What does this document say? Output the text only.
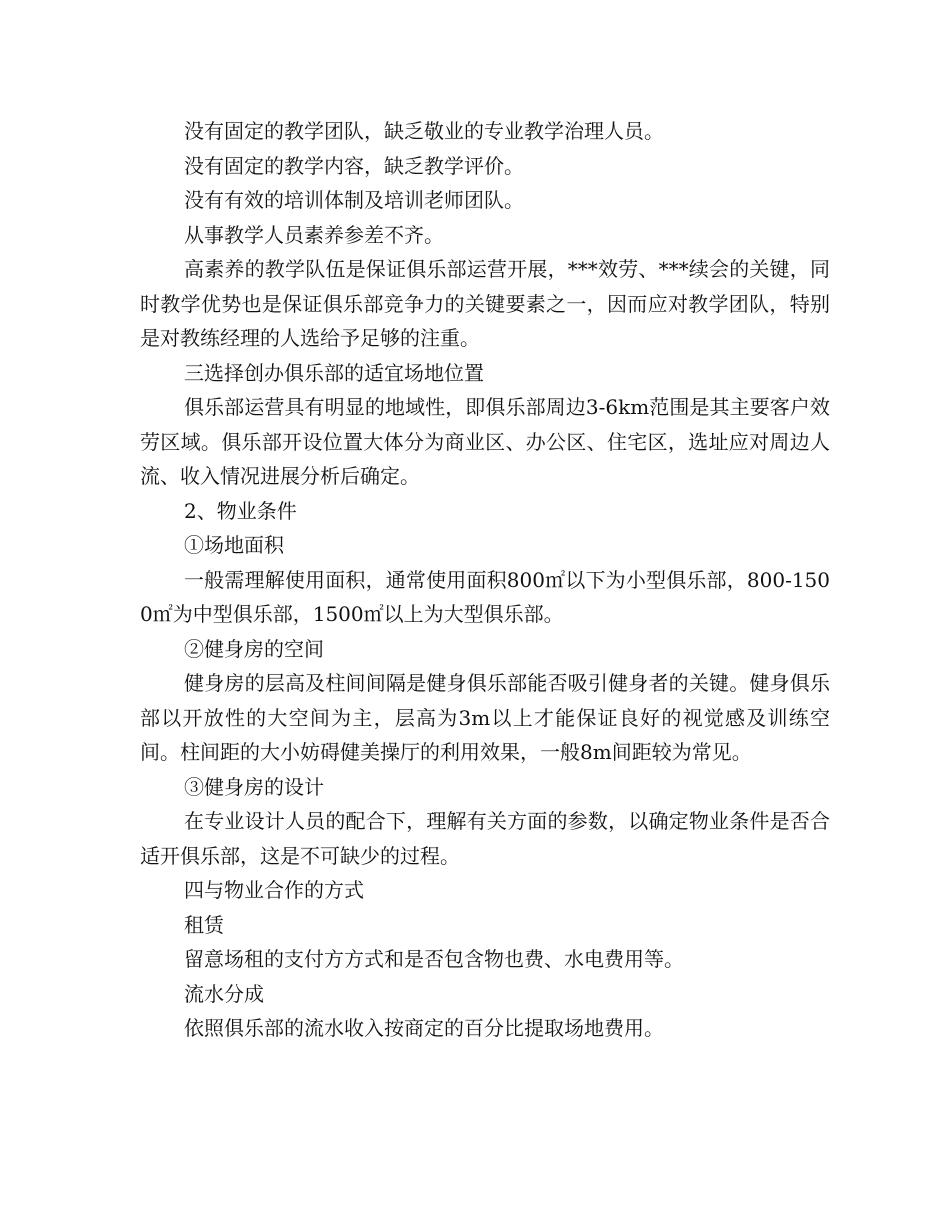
没有固定的教学团队，缺乏敬业的专业教学治理人员。

没有固定的教学内容，缺乏教学评价。

没有有效的培训体制及培训老师团队。

从事教学人员素养参差不齐。

高素养的教学队伍是保证俱乐部运营开展，***效劳、***续会的关键，同时教学优势也是保证俱乐部竞争力的关键要素之一，因而应对教学团队，特别是对教练经理的人选给予足够的注重。

三选择创办俱乐部的适宜场地位置

俱乐部运营具有明显的地域性，即俱乐部周边3-6km范围是其主要客户效劳区域。俱乐部开设位置大体分为商业区、办公区、住宅区，选址应对周边人流、收入情况进展分析后确定。

2、物业条件

①场地面积

一般需理解使用面积，通常使用面积800㎡以下为小型俱乐部，800-1500㎡为中型俱乐部，1500㎡以上为大型俱乐部。

②健身房的空间

健身房的层高及柱间间隔是健身俱乐部能否吸引健身者的关键。健身俱乐部以开放性的大空间为主，层高为3m以上才能保证良好的视觉感及训练空间。柱间距的大小妨碍健美操厅的利用效果，一般8m间距较为常见。

③健身房的设计

在专业设计人员的配合下，理解有关方面的参数，以确定物业条件是否合适开俱乐部，这是不可缺少的过程。

四与物业合作的方式

租赁

留意场租的支付方方式和是否包含物也费、水电费用等。

流水分成

依照俱乐部的流水收入按商定的百分比提取场地费用。
